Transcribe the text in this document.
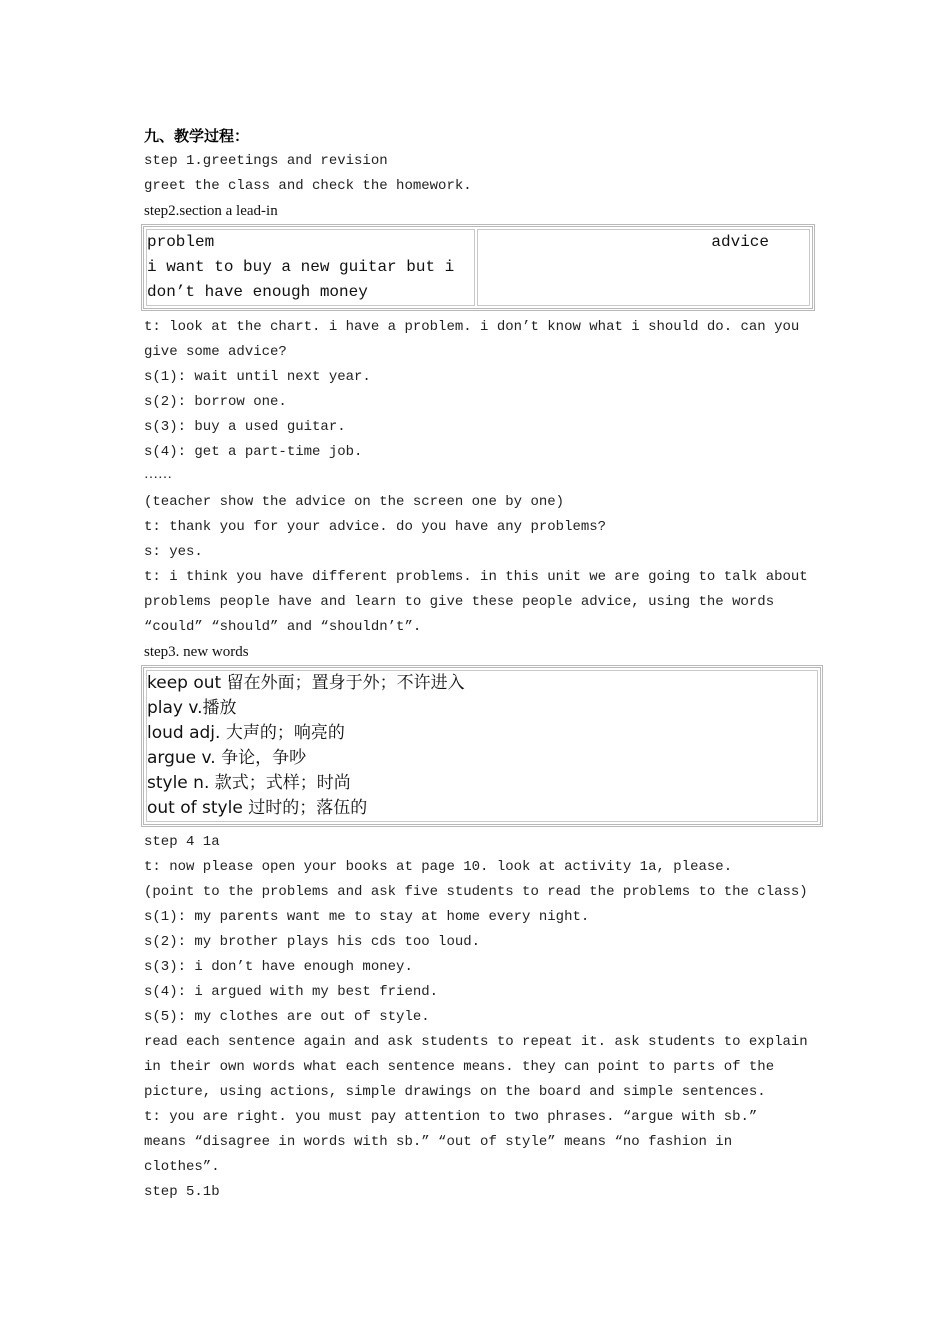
九、教学过程：
step 1.greetings and revision
greet the class and check the homework.
step2.section a lead-in
problem
i want to buy a new guitar but i
don’t have enough money

advice
t: look at the chart. i have a problem. i don’t know what i should do. can you
give some advice?
s(1): wait until next year.
s(2): borrow one.
s(3): buy a used guitar.
s(4): get a part-time job.
……
(teacher show the advice on the screen one by one)
t: thank you for your advice. do you have any problems?
s: yes.
t: i think you have different problems. in this unit we are going to talk about
problems people have and learn to give these people advice, using the words
“could” “should” and “shouldn’t”.
step3. new words
keep out 留在外面；置身于外；不许进入
play v.播放
loud adj. 大声的；响亮的
argue v. 争论，争吵
style n. 款式；式样；时尚
out of style 过时的；落伍的
step 4 1a
t: now please open your books at page 10. look at activity 1a, please.
(point to the problems and ask five students to read the problems to the class)
s(1): my parents want me to stay at home every night.
s(2): my brother plays his cds too loud.
s(3): i don’t have enough money.
s(4): i argued with my best friend.
s(5): my clothes are out of style.
read each sentence again and ask students to repeat it. ask students to explain
in their own words what each sentence means. they can point to parts of the
picture, using actions, simple drawings on the board and simple sentences.
t: you are right. you must pay attention to two phrases. “argue with sb.”
means “disagree in words with sb.” “out of style” means “no fashion in
clothes”.
step 5.1b
